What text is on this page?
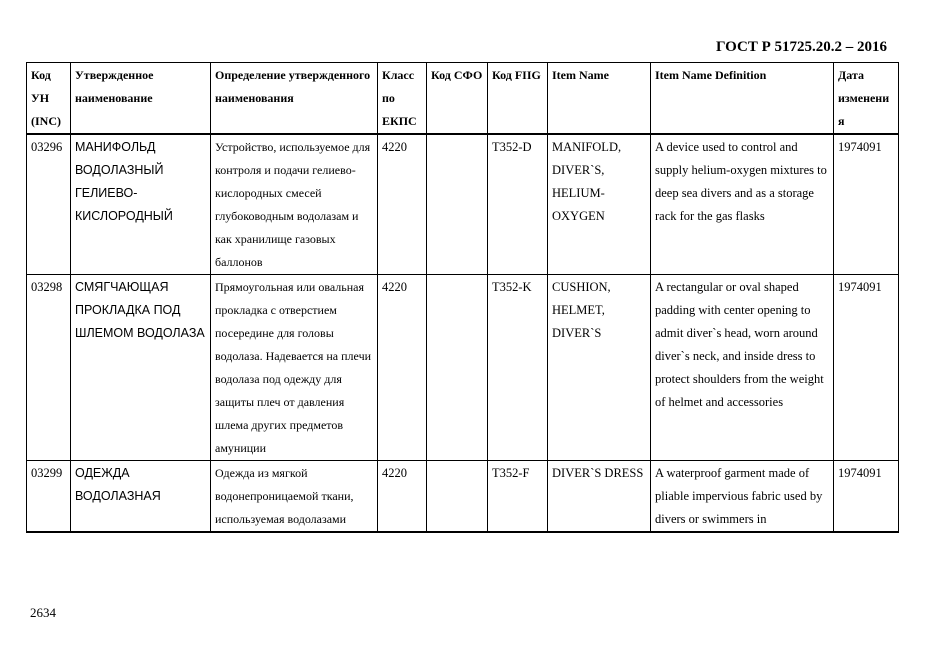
ГОСТ Р 51725.20.2 – 2016
Код УН (INC)	Утвержденное наименование	Определение утвержденного наименования	Класс по ЕКПС	Код СФО	Код FIIG	Item Name	Item Name Definition	Дата изменения
03296	МАНИФОЛЬД ВОДОЛАЗНЫЙ ГЕЛИЕВО-КИСЛОРОДНЫЙ	Устройство, используемое для контроля и подачи гелиево-кислородных смесей глубоководным водолазам и как хранилище газовых баллонов	4220		T352-D	MANIFOLD, DIVER`S, HELIUM-OXYGEN	A device used to control and supply helium-oxygen mixtures to deep sea divers and as a storage rack for the gas flasks	1974091
03298	СМЯГЧАЮЩАЯ ПРОКЛАДКА ПОД ШЛЕМОМ ВОДОЛАЗА	Прямоугольная или овальная прокладка с отверстием посередине для головы водолаза. Надевается на плечи водолаза под одежду для защиты плеч от давления шлема других предметов амуниции	4220		T352-K	CUSHION, HELMET, DIVER`S	A rectangular or oval shaped padding with center opening to admit diver`s head, worn around diver`s neck, and inside dress to protect shoulders from the weight of helmet and accessories	1974091
03299	ОДЕЖДА ВОДОЛАЗНАЯ	Одежда из мягкой водонепроницаемой ткани, используемая водолазами	4220		T352-F	DIVER`S DRESS	A waterproof garment made of pliable impervious fabric used by divers or swimmers in	1974091
2634
